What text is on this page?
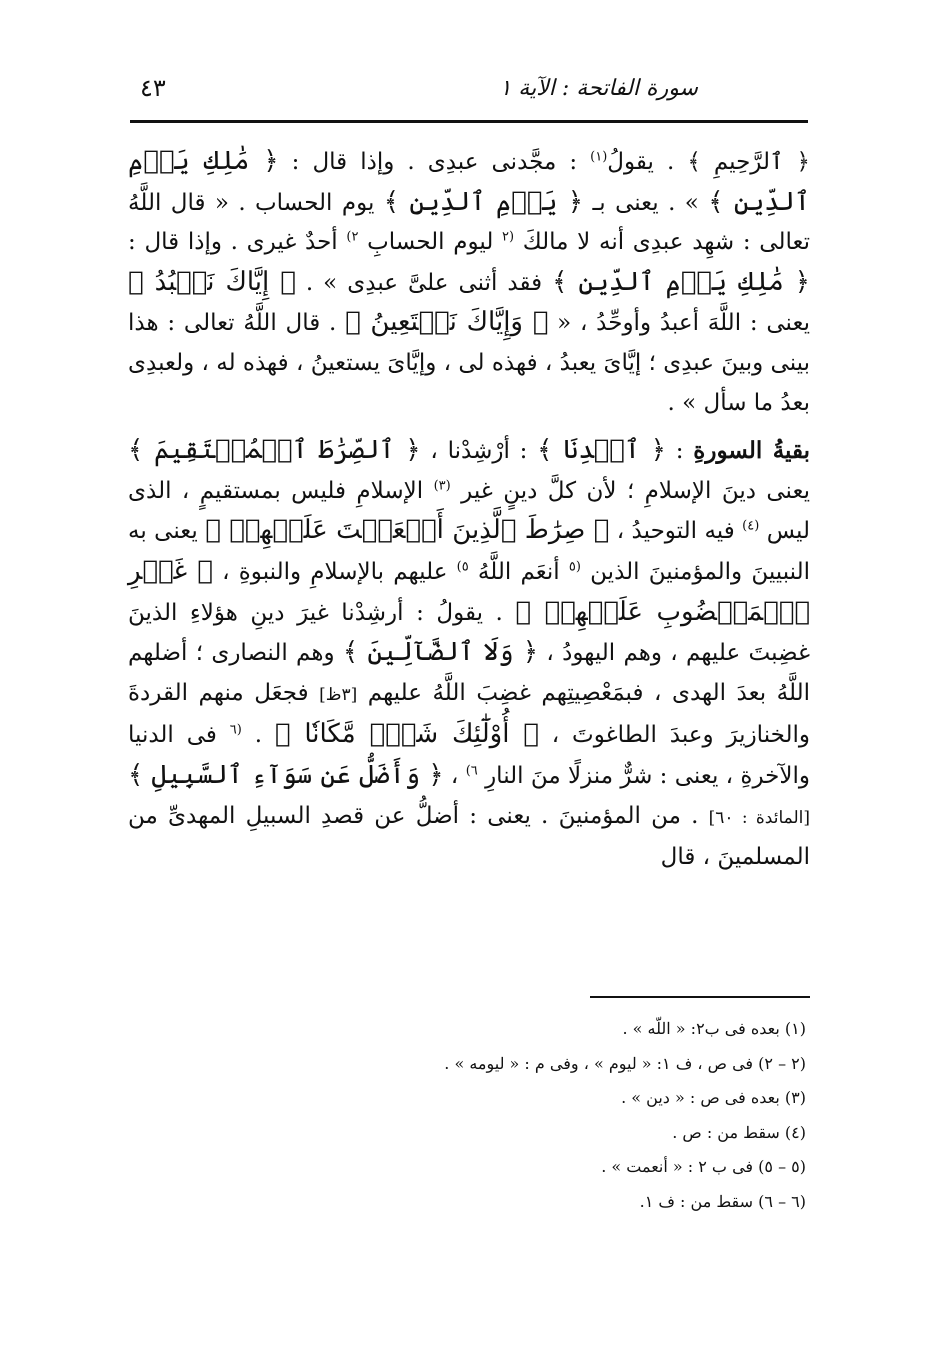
سورة الفاتحة : الآية ١
٤٣

﴿ ٱلرَّحِيمِ ﴾ . يقولُ$^{(١)}$ : مجَّدنى عبدِى . وإذا قال : ﴿ مَٰلِكِ يَوۡمِ ٱلدِّينِ ﴾ » . يعنى بـ ﴿ يَوۡمِ ٱلدِّينِ ﴾ يوم الحساب . « قال اللَّهُ تعالى : شهِد عبدِى أنه لا مالكَ $^{(٢}$ ليوم الحسابِ $^{٢)}$ أحدٌ غيرى . وإذا قال : ﴿ مَٰلِكِ يَوۡمِ ٱلدِّينِ ﴾ فقد أثنى علىَّ عبدِى » . ﴿ إِيَّاكَ نَعۡبُدُ ﴾ يعنى : اللَّهَ أعبدُ وأوحِّدُ ، « ﴿ وَإِيَّاكَ نَسۡتَعِينُ ﴾ . قال اللَّهُ تعالى : هذا بينى وبينَ عبدِى ؛ إيَّاىَ يعبدُ ، فهذه لى ، وإيَّاىَ يستعينُ ، فهذه له ، ولعبدِى بعدُ ما سأل » .

بقيةُ السورةِ : ﴿ ٱهۡدِنَا ﴾ : أرْشِدْنا ، ﴿ ٱلصِّرَٰطَ ٱلۡمُسۡتَقِيمَ ﴾ يعنى دينَ الإسلامِ ؛ لأن كلَّ دينٍ غير $^{(٣)}$ الإسلامِ فليس بمستقيمٍ ، الذى ليس $^{(٤)}$ فيه التوحيدُ ، ﴿ صِرَٰطَ ٱلَّذِينَ أَنۡعَمۡتَ عَلَيۡهِمۡ ﴾ يعنى به النبيينَ والمؤمنينَ الذين $^{(٥}$ أنعَم اللَّهُ $^{٥)}$ عليهم بالإسلامِ والنبوةِ ، ﴿ غَيۡرِ ٱلۡمَغۡضُوبِ عَلَيۡهِمۡ ﴾ . يقولُ : أرشِدْنا غيرَ دينِ هؤلاءِ الذينَ غضِبتَ عليهم ، وهم اليهودُ ، ﴿ وَلَا ٱلضَّآلِّينَ ﴾ وهم النصارى ؛ أضلهم اللَّهُ بعدَ الهدى ، فبمَعْصِيتِهم غضِبَ اللَّهُ عليهم [٣ظ] فجعَل منهم القردةَ والخنازيرَ وعبدَ الطاغوتَ ، ﴿ أُوْلَٰٓئِكَ شَرّٞ مَّكَانٗا ﴾ . $^{(٦}$ فى الدنيا والآخرةِ ، يعنى : شرٌّ منزلًا منَ النارِ $^{٦)}$ ، ﴿ وَأَضَلُّ عَن سَوَآءِ ٱلسَّبِيلِ ﴾[المائدة : ٦٠] . من المؤمنينَ . يعنى : أضلُّ عن قصدِ السبيلِ المهدىِّ من المسلمينَ ، قال

(١) بعده فى ب٢: « اللّه » .
(٢ – ٢) فى ص ، ف ١: « ليوم » ، وفى م : « ليومه » .
(٣) بعده فى ص : « دين » .
(٤) سقط من : ص .
(٥ – ٥) فى ب ٢ : « أنعمت » .
(٦ – ٦) سقط من : ف ١.
